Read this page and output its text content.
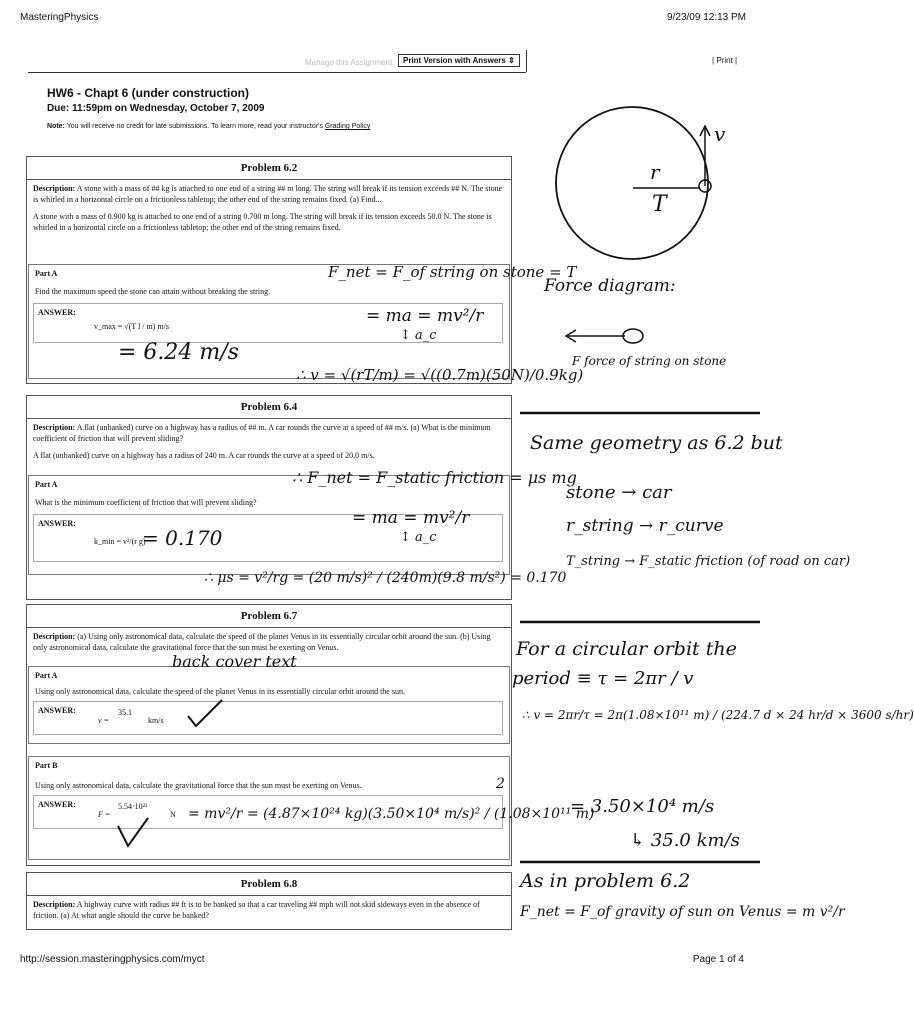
MasteringPhysics	9/23/09 12:13 PM
Manage this Assignment:	Print Version with Answers ⇕	| Print |
HW6 - Chapt 6 (under construction)
Due: 11:59pm on Wednesday, October 7, 2009
Note: You will receive no credit for late submissions. To learn more, read your instructor's Grading Policy
Problem 6.2
Description: A stone with a mass of ## kg is attached to one end of a string ## m long. The string will break if its tension exceeds ## N. The stone is whirled in a horizontal circle on a frictionless tabletop; the other end of the string remains fixed. (a) Find...
A stone with a mass of 0.900 kg is attached to one end of a string 0.700 m long. The string will break if its tension exceeds 50.0 N. The stone is whirled in a horizontal circle on a frictionless tabletop; the other end of the string remains fixed.
Part A
Find the maximum speed the stone can attain without breaking the string.
ANSWER:
v_max = √(T l / m) m/s
Problem 6.4
Description: A flat (unbanked) curve on a highway has a radius of ## m. A car rounds the curve at a speed of ## m/s. (a) What is the minimum coefficient of friction that will prevent sliding?
A flat (unbanked) curve on a highway has a radius of 240 m. A car rounds the curve at a speed of 20.0 m/s.
Part A
What is the minimum coefficient of friction that will prevent sliding?
ANSWER:
k_min = v²/(r g)
Problem 6.7
Description: (a) Using only astronomical data, calculate the speed of the planet Venus in its essentially circular orbit around the sun. (b) Using only astronomical data, calculate the gravitational force that the sun must be exerting on Venus.
Part A
Using only astronomical data, calculate the speed of the planet Venus in its essentially circular orbit around the sun.
ANSWER:
v =
35.1
km/s
Part B
Using only astronomical data, calculate the gravitational force that the sun must be exerting on Venus.
ANSWER:
F =
5.54·10²²
N
Problem 6.8
Description: A highway curve with radius ## ft is to be banked so that a car traveling ## mph will not skid sideways even in the absence of friction. (a) At what angle should the curve be banked?
http://session.masteringphysics.com/myct	Page 1 of 4
F_net = F_of string on stone = T
= ma = mv²/r
↕ a_c
= 6.24 m/s
∴ v = √(rT/m) = √((0.7m)(50N)/0.9kg)
∴ F_net = F_static friction = μs mg
= ma = mv²/r
↕ a_c
= 0.170
∴ μs = v²/rg = (20 m/s)² / (240m)(9.8 m/s²) = 0.170
back cover text
2
= mv²/r = (4.87×10²⁴ kg)(3.50×10⁴ m/s)² / (1.08×10¹¹ m)
r
T
v
Force diagram:
F force of string on stone
Same geometry as 6.2 but
stone → car
r_string → r_curve
T_string → F_static friction (of road on car)
For a circular orbit the
period ≡ τ = 2πr / v
∴ v = 2πr/τ = 2π(1.08×10¹¹ m) / (224.7 d × 24 hr/d × 3600 s/hr)
= 3.50×10⁴ m/s
↳ 35.0 km/s
As in problem 6.2
F_net = F_of gravity of sun on Venus = m v²/r
